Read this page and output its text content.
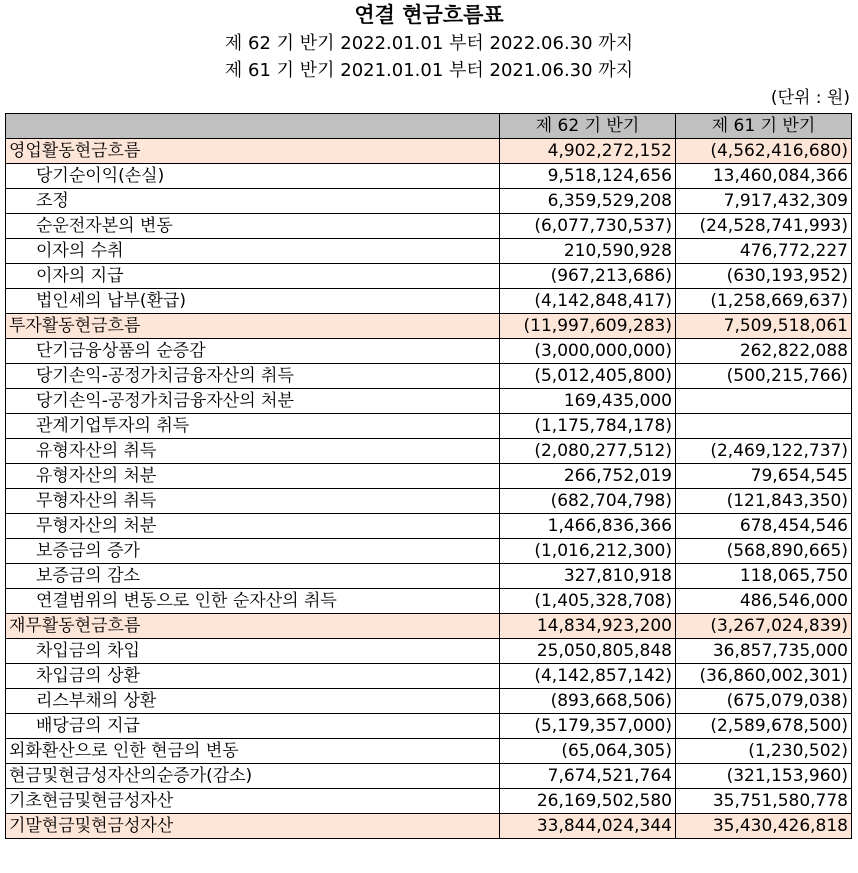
연결 현금흐름표
제 62 기 반기 2022.01.01 부터 2022.06.30 까지
제 61 기 반기 2021.01.01 부터 2021.06.30 까지
(단위 : 원)
	제 62 기 반기	제 61 기 반기
영업활동현금흐름	4,902,272,152	(4,562,416,680)
당기순이익(손실)	9,518,124,656	13,460,084,366
조정	6,359,529,208	7,917,432,309
순운전자본의 변동	(6,077,730,537)	(24,528,741,993)
이자의 수취	210,590,928	476,772,227
이자의 지급	(967,213,686)	(630,193,952)
법인세의 납부(환급)	(4,142,848,417)	(1,258,669,637)
투자활동현금흐름	(11,997,609,283)	7,509,518,061
단기금융상품의 순증감	(3,000,000,000)	262,822,088
당기손익-공정가치금융자산의 취득	(5,012,405,800)	(500,215,766)
당기손익-공정가치금융자산의 처분	169,435,000	
관계기업투자의 취득	(1,175,784,178)	
유형자산의 취득	(2,080,277,512)	(2,469,122,737)
유형자산의 처분	266,752,019	79,654,545
무형자산의 취득	(682,704,798)	(121,843,350)
무형자산의 처분	1,466,836,366	678,454,546
보증금의 증가	(1,016,212,300)	(568,890,665)
보증금의 감소	327,810,918	118,065,750
연결범위의 변동으로 인한 순자산의 취득	(1,405,328,708)	486,546,000
재무활동현금흐름	14,834,923,200	(3,267,024,839)
차입금의 차입	25,050,805,848	36,857,735,000
차입금의 상환	(4,142,857,142)	(36,860,002,301)
리스부채의 상환	(893,668,506)	(675,079,038)
배당금의 지급	(5,179,357,000)	(2,589,678,500)
외화환산으로 인한 현금의 변동	(65,064,305)	(1,230,502)
현금및현금성자산의순증가(감소)	7,674,521,764	(321,153,960)
기초현금및현금성자산	26,169,502,580	35,751,580,778
기말현금및현금성자산	33,844,024,344	35,430,426,818
